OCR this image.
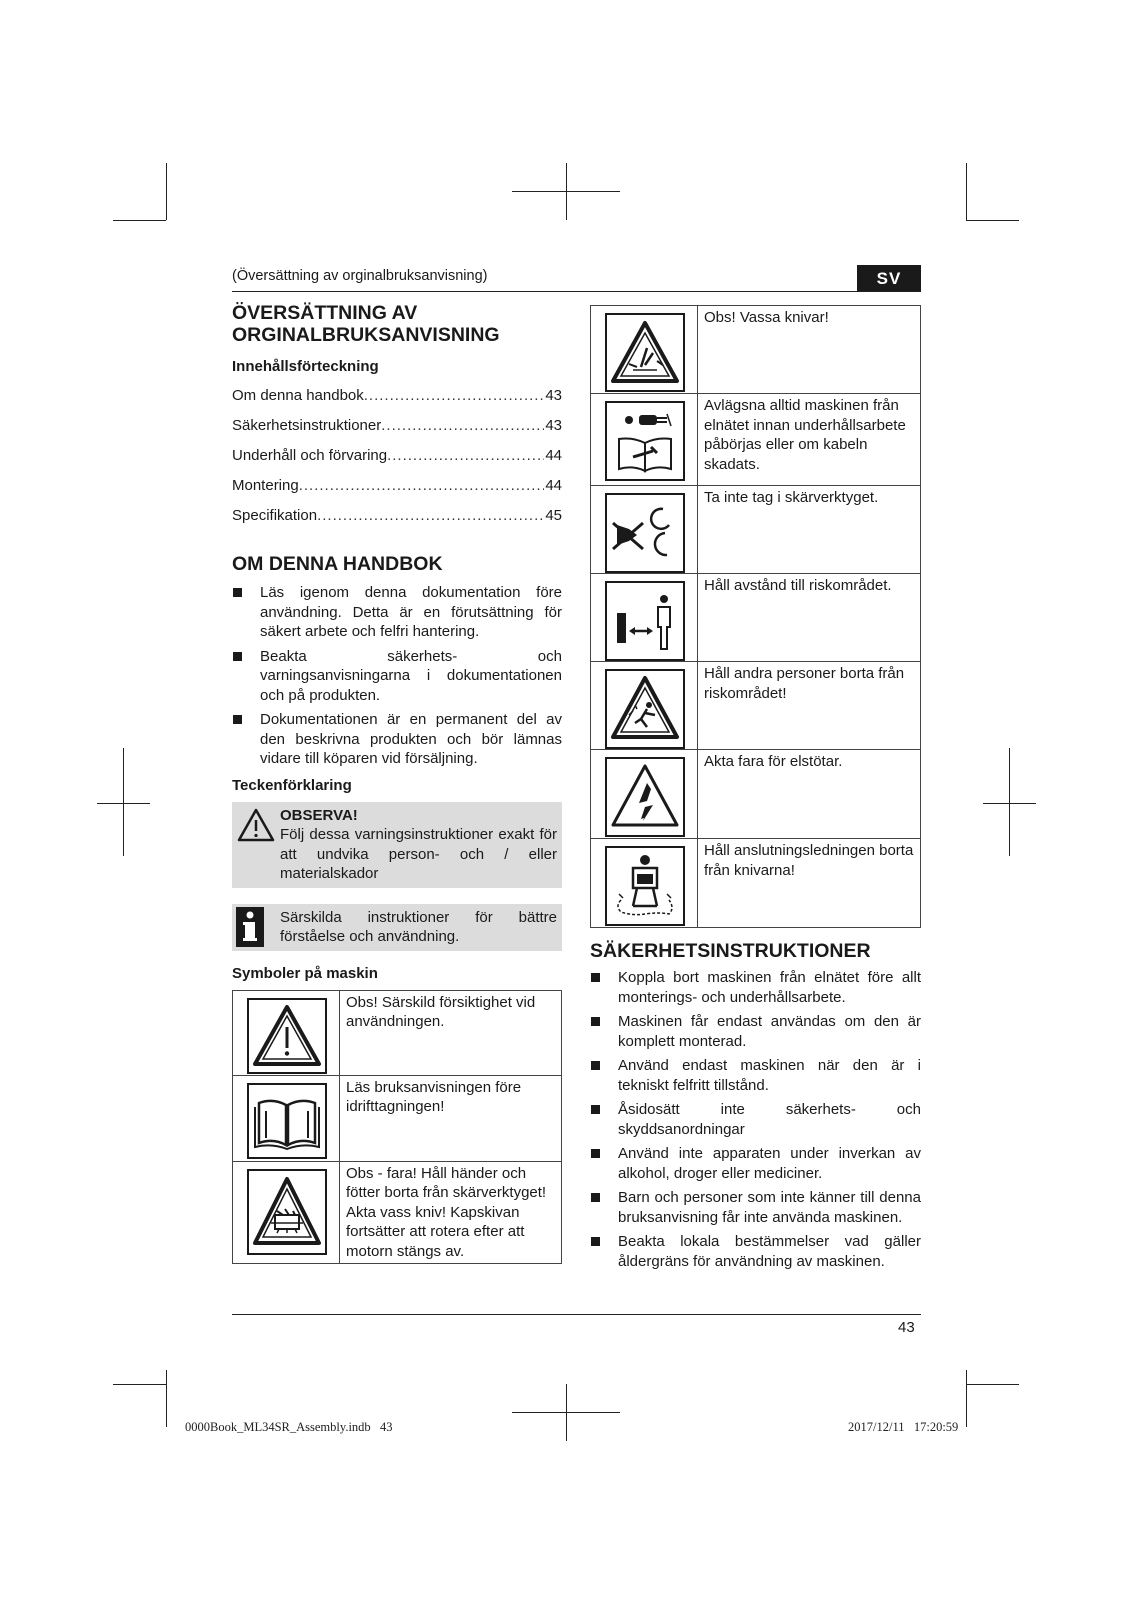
(Översättning av orginalbruksanvisning)	SV
ÖVERSÄTTNING AV
ORGINALBRUKSANVISNING
Innehållsförteckning
Om denna handbok .....	43
Säkerhetsinstruktioner .....	43
Underhåll och förvaring .....	44
Montering .....	44
Specifikation .....	45
OM DENNA HANDBOK
Läs igenom denna dokumentation före användning. Detta är en förutsättning för säkert arbete och felfri hantering.
Beakta säkerhets- och varningsanvisningarna i dokumentationen och på produkten.
Dokumentationen är en permanent del av den beskrivna produkten och bör lämnas vidare till köparen vid försäljning.
Teckenförklaring
OBSERVA!
Följ dessa varningsinstruktioner exakt för att undvika person- och / eller materialskador
Särskilda instruktioner för bättre förståelse och användning.
Symboler på maskin
	Obs! Särskild försiktighet vid användningen.

	Läs bruksanvisningen före idrifttagningen!

	Obs - fara! Håll händer och fötter borta från skärverktyget! Akta vass kniv! Kapskivan fortsätter att rotera efter att motorn stängs av.
	Obs! Vassa knivar!

	Avlägsna alltid maskinen från elnätet innan underhållsarbete påbörjas eller om kabeln skadats.

	Ta inte tag i skärverktyget.

	Håll avstånd till riskområdet.

	Håll andra personer borta från riskområdet!

	Akta fara för elstötar.

	Håll anslutningsledningen borta från knivarna!
SÄKERHETSINSTRUKTIONER
Koppla bort maskinen från elnätet före allt monterings- och underhållsarbete.
Maskinen får endast användas om den är komplett monterad.
Använd endast maskinen när den är i tekniskt felfritt tillstånd.
Åsidosätt inte säkerhets- och skyddsanordningar
Använd inte apparaten under inverkan av alkohol, droger eller mediciner.
Barn och personer som inte känner till denna bruksanvisning får inte använda maskinen.
Beakta lokala bestämmelser vad gäller åldergräns för användning av maskinen.
43
0000Book_ML34SR_Assembly.indb   43	2017/12/11   17:20:59
